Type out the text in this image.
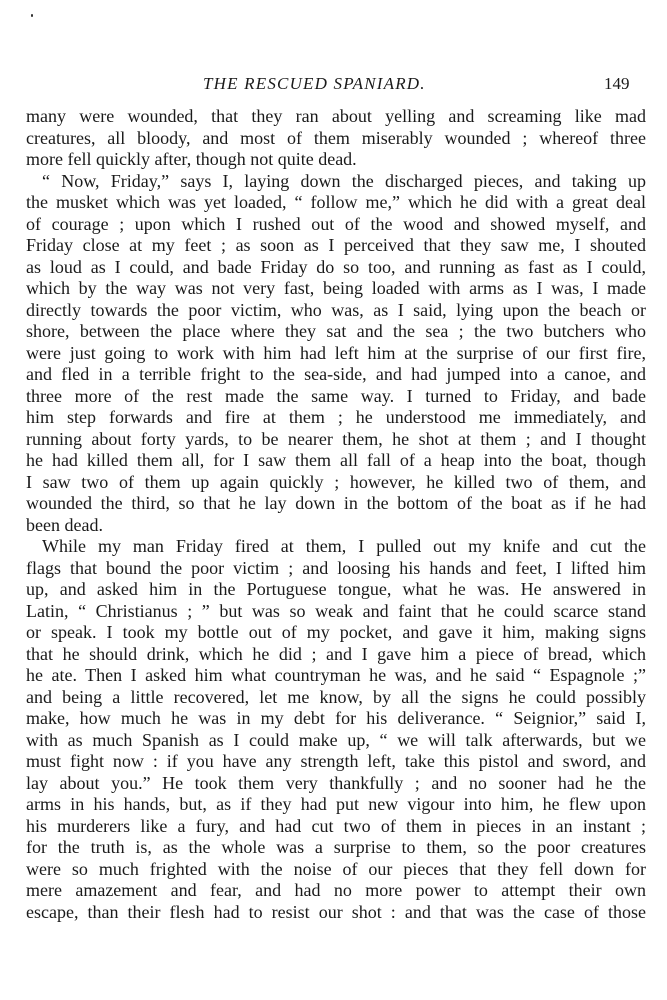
THE RESCUED SPANIARD.	149
many were wounded, that they ran about yelling and screaming like mad
creatures, all bloody, and most of them miserably wounded ; whereof three
more fell quickly after, though not quite dead.
“ Now, Friday,” says I, laying down the discharged pieces, and taking up
the musket which was yet loaded, “ follow me,” which he did with a great deal
of courage ; upon which I rushed out of the wood and showed myself, and
Friday close at my feet ; as soon as I perceived that they saw me, I shouted
as loud as I could, and bade Friday do so too, and running as fast as I could,
which by the way was not very fast, being loaded with arms as I was, I made
directly towards the poor victim, who was, as I said, lying upon the beach or
shore, between the place where they sat and the sea ; the two butchers who
were just going to work with him had left him at the surprise of our first fire,
and fled in a terrible fright to the sea-side, and had jumped into a canoe, and
three more of the rest made the same way. I turned to Friday, and bade
him step forwards and fire at them ; he understood me immediately, and
running about forty yards, to be nearer them, he shot at them ; and I thought
he had killed them all, for I saw them all fall of a heap into the boat, though
I saw two of them up again quickly ; however, he killed two of them, and
wounded the third, so that he lay down in the bottom of the boat as if he had
been dead.
While my man Friday fired at them, I pulled out my knife and cut the
flags that bound the poor victim ; and loosing his hands and feet, I lifted him
up, and asked him in the Portuguese tongue, what he was. He answered in
Latin, “ Christianus ; ” but was so weak and faint that he could scarce stand
or speak. I took my bottle out of my pocket, and gave it him, making signs
that he should drink, which he did ; and I gave him a piece of bread, which
he ate. Then I asked him what countryman he was, and he said “ Espagnole ;”
and being a little recovered, let me know, by all the signs he could possibly
make, how much he was in my debt for his deliverance. “ Seignior,” said I,
with as much Spanish as I could make up, “ we will talk afterwards, but we
must fight now : if you have any strength left, take this pistol and sword, and
lay about you.” He took them very thankfully ; and no sooner had he the
arms in his hands, but, as if they had put new vigour into him, he flew upon
his murderers like a fury, and had cut two of them in pieces in an instant ;
for the truth is, as the whole was a surprise to them, so the poor creatures
were so much frighted with the noise of our pieces that they fell down for
mere amazement and fear, and had no more power to attempt their own
escape, than their flesh had to resist our shot : and that was the case of those
